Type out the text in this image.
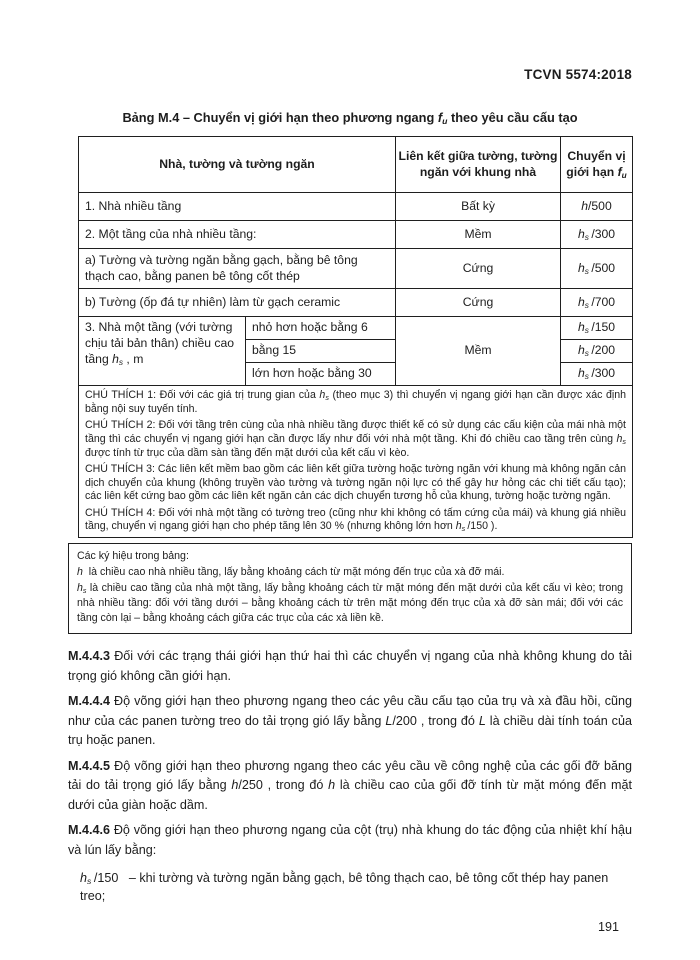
TCVN 5574:2018
Bảng M.4 – Chuyển vị giới hạn theo phương ngang $f_u$ theo yêu cầu cấu tạo
Nhà, tường và tường ngăn		Liên kết giữa tường, tường ngăn với khung nhà	Chuyển vị giới hạn $f_u$
1. Nhà nhiều tầng		Bất kỳ	h/500
2. Một tầng của nhà nhiều tầng:		Mềm	$h_s$ /300
a) Tường và tường ngăn bằng gạch, bằng bê tông thạch cao, bằng panen bê tông cốt thép		Cứng	$h_s$ /500
b) Tường (ốp đá tự nhiên) làm từ gạch ceramic		Cứng	$h_s$ /700
3. Nhà một tầng (với tường chịu tải bản thân) chiều cao tầng $h_s$ , m	nhỏ hơn hoặc bằng 6	Mềm	$h_s$ /150
	bằng 15		$h_s$ /200
	lớn hơn hoặc bằng 30		$h_s$ /300

CHÚ THÍCH 1: Đối với các giá trị trung gian của $h_s$ (theo mục 3) thì chuyển vị ngang giới hạn cần được xác định bằng nội suy tuyến tính.

CHÚ THÍCH 2: Đối với tầng trên cùng của nhà nhiều tầng được thiết kế có sử dụng các cấu kiện của mái nhà một tầng thì các chuyển vị ngang giới hạn cần được lấy như đối với nhà một tầng. Khi đó chiều cao tầng trên cùng $h_s$ được tính từ trục của dầm sàn tầng đến mặt dưới của kết cấu vì kèo.

CHÚ THÍCH 3: Các liên kết mềm bao gồm các liên kết giữa tường hoặc tường ngăn với khung mà không ngăn cản dịch chuyển của khung (không truyền vào tường và tường ngăn nội lực có thể gây hư hỏng các chi tiết cấu tạo); các liên kết cứng bao gồm các liên kết ngăn cản các dịch chuyển tương hỗ của khung, tường hoặc tường ngăn.

CHÚ THÍCH 4: Đối với nhà một tầng có tường treo (cũng như khi không có tấm cứng của mái) và khung giá nhiều tầng, chuyển vị ngang giới hạn cho phép tăng lên 30 % (nhưng không lớn hơn $h_s$ /150 ).			

Các ký hiệu trong bảng:

h  là chiều cao nhà nhiều tầng, lấy bằng khoảng cách từ mặt móng đến trục của xà đỡ mái.

$h_s$ là chiều cao tầng của nhà một tầng, lấy bằng khoảng cách từ mặt móng đến mặt dưới của kết cấu vì kèo; trong nhà nhiều tầng: đối với tầng dưới – bằng khoảng cách từ trên mặt móng đến trục của xà đỡ sàn mái; đối với các tầng còn lại – bằng khoảng cách giữa các trục của các xà liền kề.

M.4.4.3 Đối với các trạng thái giới hạn thứ hai thì các chuyển vị ngang của nhà không khung do tải trọng gió không cần giới hạn.

M.4.4.4 Độ võng giới hạn theo phương ngang theo các yêu cầu cấu tạo của trụ và xà đầu hồi, cũng như của các panen tường treo do tải trọng gió lấy bằng L/200 , trong đó L là chiều dài tính toán của trụ hoặc panen.

M.4.4.5 Độ võng giới hạn theo phương ngang theo các yêu cầu về công nghệ của các gối đỡ băng tải do tải trọng gió lấy bằng h/250 , trong đó h là chiều cao của gối đỡ tính từ mặt móng đến mặt dưới của giàn hoặc dầm.

M.4.4.6 Độ võng giới hạn theo phương ngang của cột (trụ) nhà khung do tác động của nhiệt khí hậu và lún lấy bằng:

$h_s$ /150   – khi tường và tường ngăn bằng gạch, bê tông thạch cao, bê tông cốt thép hay panen treo;

191
